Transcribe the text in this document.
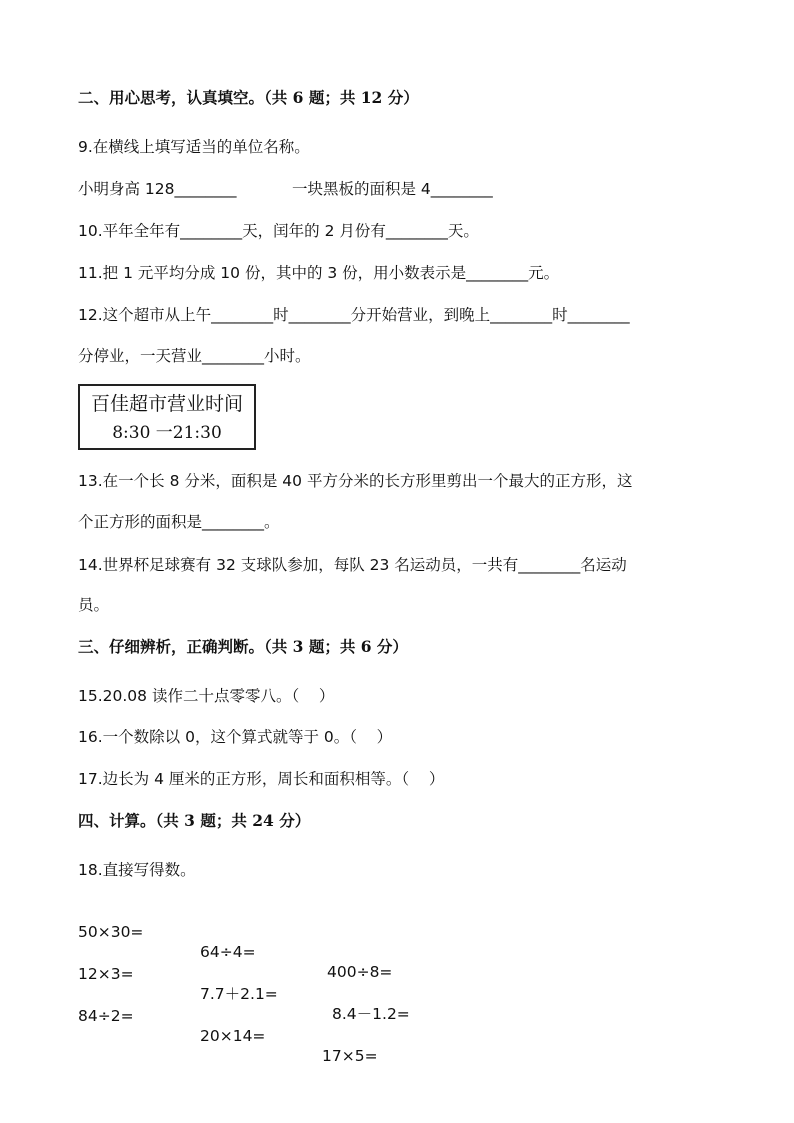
二、用心思考，认真填空。（共 6 题；共 12 分）
9.在横线上填写适当的单位名称。
小明身高 128________	一块黑板的面积是 4________
10.平年全年有________天，闰年的 2 月份有________天。
11.把 1 元平均分成 10 份，其中的 3 份，用小数表示是________元。
12.这个超市从上午________时________分开始营业，到晚上________时________
分停业，一天营业________小时。
百佳超市营业时间
8:30 一21:30
13.在一个长 8 分米，面积是 40 平方分米的长方形里剪出一个最大的正方形，这
个正方形的面积是________。
14.世界杯足球赛有 32 支球队参加，每队 23 名运动员，一共有________名运动
员。
三、仔细辨析，正确判断。（共 3 题；共 6 分）
15.20.08 读作二十点零零八。（    ）
16.一个数除以 0，这个算式就等于 0。（    ）
17.边长为 4 厘米的正方形，周长和面积相等。（    ）
四、计算。（共 3 题；共 24 分）
18.直接写得数。

50×30=

64÷4=

400÷8=

12×3=

7.7＋2.1=

8.4－1.2=

84÷2=

20×14=

17×5=
